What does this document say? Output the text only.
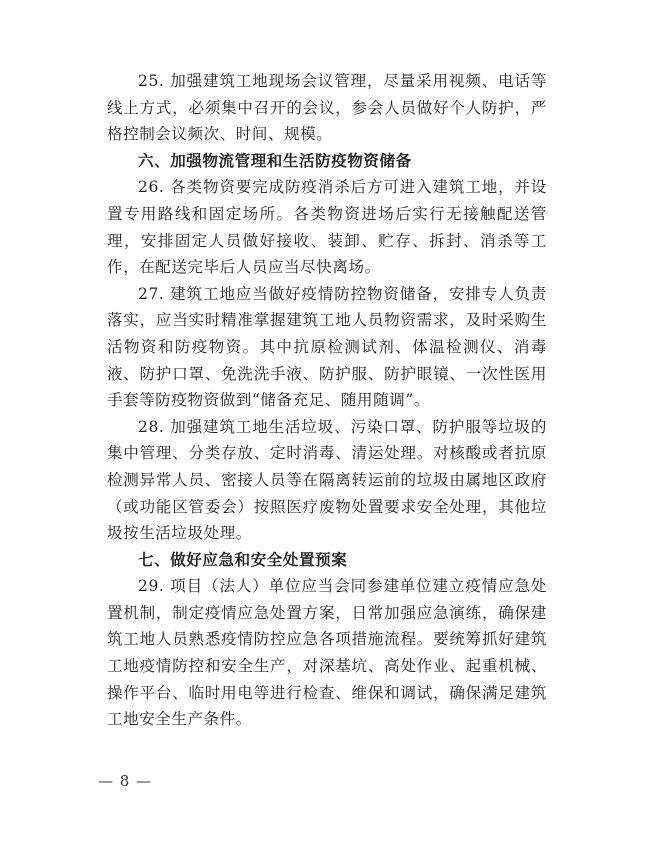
25. 加强建筑工地现场会议管理，尽量采用视频、电话等线上方式，必须集中召开的会议，参会人员做好个人防护，严格控制会议频次、时间、规模。

六、加强物流管理和生活防疫物资储备

26. 各类物资要完成防疫消杀后方可进入建筑工地，并设置专用路线和固定场所。各类物资进场后实行无接触配送管理，安排固定人员做好接收、装卸、贮存、拆封、消杀等工作，在配送完毕后人员应当尽快离场。

27. 建筑工地应当做好疫情防控物资储备，安排专人负责落实，应当实时精准掌握建筑工地人员物资需求，及时采购生活物资和防疫物资。其中抗原检测试剂、体温检测仪、消毒液、防护口罩、免洗洗手液、防护服、防护眼镜、一次性医用手套等防疫物资做到“储备充足、随用随调”。

28. 加强建筑工地生活垃圾、污染口罩、防护服等垃圾的集中管理、分类存放、定时消毒、清运处理。对核酸或者抗原检测异常人员、密接人员等在隔离转运前的垃圾由属地区政府（或功能区管委会）按照医疗废物处置要求安全处理，其他垃圾按生活垃圾处理。

七、做好应急和安全处置预案

29. 项目（法人）单位应当会同参建单位建立疫情应急处置机制，制定疫情应急处置方案，日常加强应急演练，确保建筑工地人员熟悉疫情防控应急各项措施流程。要统筹抓好建筑工地疫情防控和安全生产，对深基坑、高处作业、起重机械、操作平台、临时用电等进行检查、维保和调试，确保满足建筑工地安全生产条件。

— 8 —
